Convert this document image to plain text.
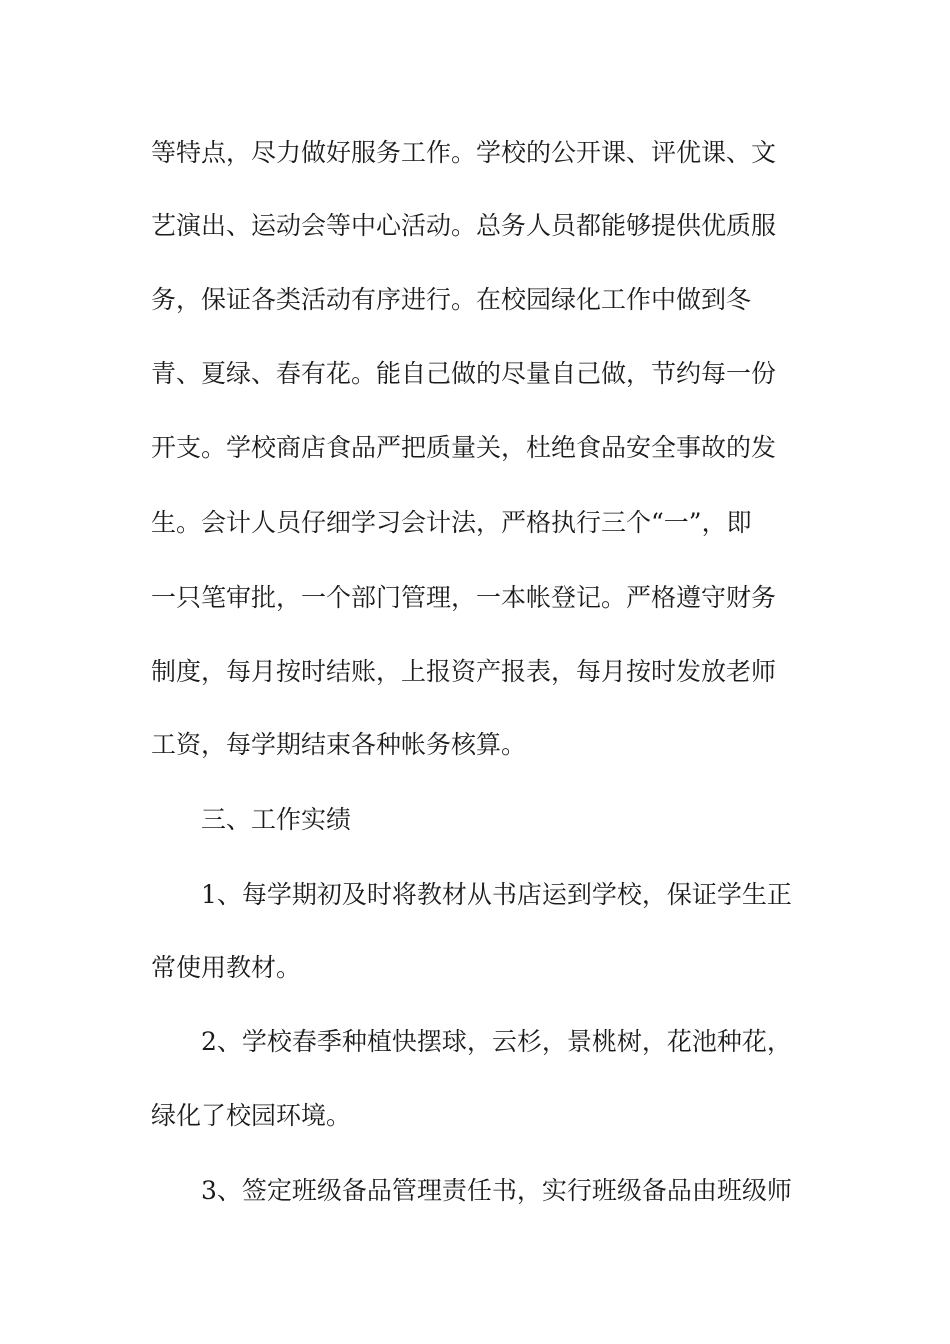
等特点，尽力做好服务工作。学校的公开课、评优课、文
艺演出、运动会等中心活动。总务人员都能够提供优质服
务，保证各类活动有序进行。在校园绿化工作中做到冬
青、夏绿、春有花。能自己做的尽量自己做，节约每一份
开支。学校商店食品严把质量关，杜绝食品安全事故的发
生。会计人员仔细学习会计法，严格执行三个“一”，即
一只笔审批，一个部门管理，一本帐登记。严格遵守财务
制度，每月按时结账，上报资产报表，每月按时发放老师
工资，每学期结束各种帐务核算。
三、工作实绩
1、每学期初及时将教材从书店运到学校，保证学生正
常使用教材。
2、学校春季种植快摆球，云杉，景桃树，花池种花，
绿化了校园环境。
3、签定班级备品管理责任书，实行班级备品由班级师
